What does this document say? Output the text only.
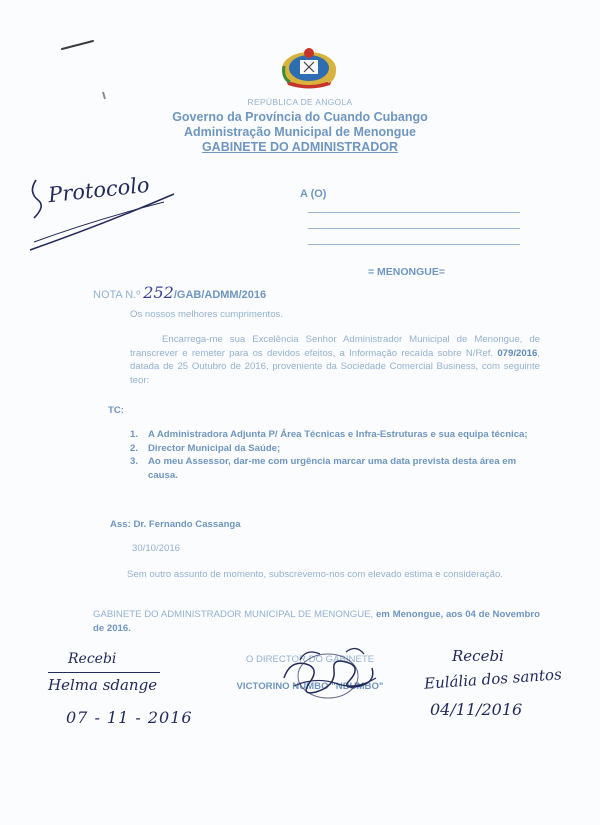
REPÚBLICA DE ANGOLA
Governo da Província do Cuando Cubango
Administração Municipal de Menongue
GABINETE DO ADMINISTRADOR
Protocolo	A (O)
= MENONGUE=
NOTA N.º 252/GAB/ADMM/2016
Os nossos melhores cumprimentos.
Encarrega-me sua Excelência Senhor Administrador Municipal de Menongue, de transcrever e remeter para os devidos efeitos, a Informação recaída sobre N/Ref. 079/2016, datada de 25 Outubro de 2016, proveniente da Sociedade Comercial Business, com seguinte teor:
TC:
1. A Administradora Adjunta P/ Área Técnicas e Infra-Estruturas e sua equipa técnica;
2. Director Municipal da Saúde;
3. Ao meu Assessor, dar-me com urgência marcar uma data prevista desta área em causa.
Ass: Dr. Fernando Cassanga
30/10/2016
Sem outro assunto de momento, subscrevemo-nos com elevado estima e consideração.
GABINETE DO ADMINISTRADOR MUNICIPAL DE MENONGUE, em Menongue, aos 04 de Novembro de 2016.
O DIRECTOR DO GABINETE
VICTORINO NUMBO "NDUMBO"
Recebi
Helma sdange
07 - 11 - 2016
Recebi
Eulália dos santos
04/11/2016
